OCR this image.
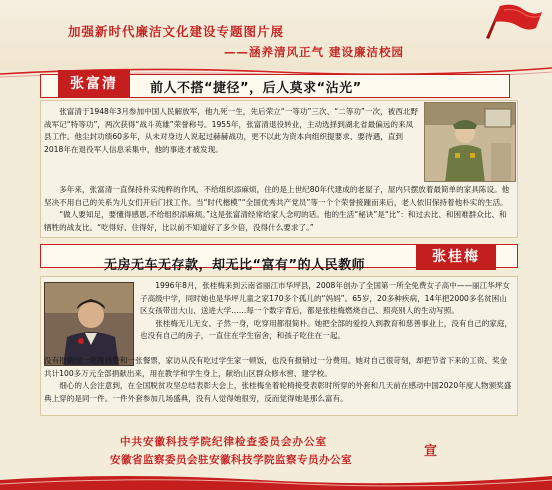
加强新时代廉洁文化建设专题图片展
——涵养清风正气 建设廉洁校园
张富清	前人不搭“捷径”，后人莫求“沾光”

张富清于1948年3月参加中国人民解放军，他九死一生，先后荣立“一等功”三次、“二等功”一次，被西北野战军记“特等功”，两次获得“战斗英雄”荣誉称号。1955年，张富清退役转业，主动选择到湖北省最偏远的来凤县工作。他尘封功绩60多年，从未对身边人说起过赫赫战功，更不以此为资本向组织提要求、要待遇，直到2018年在退役军人信息采集中，他的事迹才被发现。

多年来，张富清一直保持朴实纯粹的作风，不给组织添麻烦，住的是上世纪80年代建成的老屋子，屋内只摆放着最简单的家具陈设。他坚决不用自己的关系为儿女们开后门找工作。当“时代楷模”“全国优秀共产党员”等一个个荣誉接踵而来后，老人依旧保持着他朴实的生活。

“做人要知足，要懂得感恩,不给组织添麻烦。”这是张富清经常给家人念叨的话。他的生活“秘诀”是“比”：和过去比、和困难群众比、和牺牲的战友比。“吃得好、住得好，比以前不知道好了多少倍，没得什么要求了。”

无房无车无存款，却无比“富有”的人民教师
张桂梅

1996年8月，张桂梅来到云南省丽江市华坪县，2008年创办了全国第一所全免费女子高中——丽江华坪女子高级中学，同时她也是华坪儿童之家170多个孤儿的“妈妈”。65岁，20多种疾病，14年把2000多名贫困山区女孩带出大山、送进大学……每一个数字背后，都是张桂梅燃烧自己、照亮别人的生动写照。

张桂梅无儿无女、子然一身，吃穿用都很简朴。她把全部的爱投入到教育和慈善事业上，没有自己的家庭，也没有自己的房子，一直住在学生宿舍，和孩子吃住在一起。

没有报销过一笔接待费和一张餐票，家访从没有吃过学生家一顿饭，也没有报销过一分费用。她对自己很苛刻，却把节省下来的工资、奖金共计100多万元全部捐献出来，用在教学和学生身上，献给山区群众修水窖、建学校。

细心的人会注意到，在全国脱贫攻坚总结表彰大会上，张桂梅坐着轮椅接受表彰时所穿的外套和几天前在感动中国2020年度人物颁奖盛典上穿的是同一件。一件外套参加几场盛典，没有人觉得她很穷，反而觉得她是那么富有。

中共安徽科技学院纪律检查委员会办公室
安徽省监察委员会驻安徽科技学院监察专员办公室
宣
